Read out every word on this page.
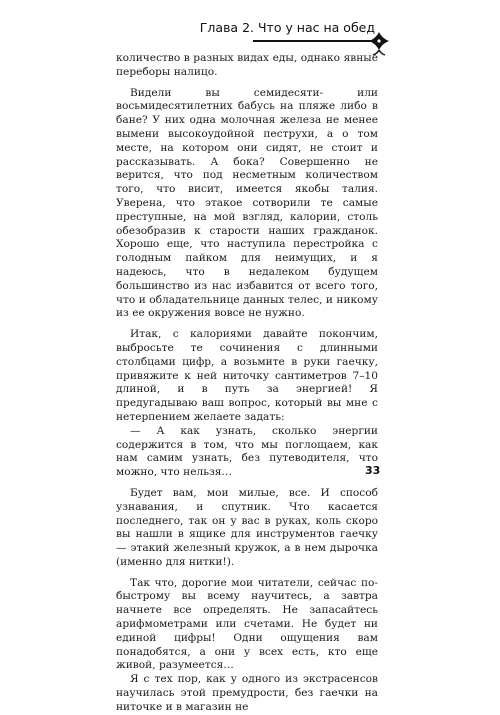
Глава 2. Что у нас на обед

количество в разных видах еды, однако явные переборы налицо.

Видели вы семидесяти- или восьмидесятилетних бабусь на пляже либо в бане? У них одна молочная железа не менее вымени высокоудойной пеструхи, а о том месте, на котором они сидят, не стоит и рассказывать. А бока? Совершенно не верится, что под несметным количеством того, что висит, имеется якобы талия. Уверена, что этакое сотворили те самые преступные, на мой взгляд, калории, столь обезобразив к старости наших гражданок. Хорошо еще, что наступила перестройка с голодным пайком для неимущих, и я надеюсь, что в недалеком будущем большинство из нас избавится от всего того, что и обладательнице данных телес, и никому из ее окружения вовсе не нужно.

Итак, с калориями давайте покончим, выбросьте те сочинения с длинными столбцами цифр, а возьмите в руки гаечку, привяжите к ней ниточку сантиметров 7–10 длиной, и в путь за энергией! Я предугадываю ваш вопрос, который вы мне с нетерпением желаете задать:

— А как узнать, сколько энергии содержится в том, что мы поглощаем, как нам самим узнать, без путеводителя, что можно, что нельзя…

Будет вам, мои милые, все. И способ узнавания, и спутник. Что касается последнего, так он у вас в руках, коль скоро вы нашли в ящике для инструментов гаечку — этакий железный кружок, а в нем дырочка (именно для нитки!).

Так что, дорогие мои читатели, сейчас по-быстрому вы всему научитесь, а завтра начнете все определять. Не запасайтесь арифмометрами или счетами. Не будет ни единой цифры! Одни ощущения вам понадобятся, а они у всех есть, кто еще живой, разумеется…

Я с тех пор, как у одного из экстрасенсов научилась этой премудрости, без гаечки на ниточке и в магазин не

33
